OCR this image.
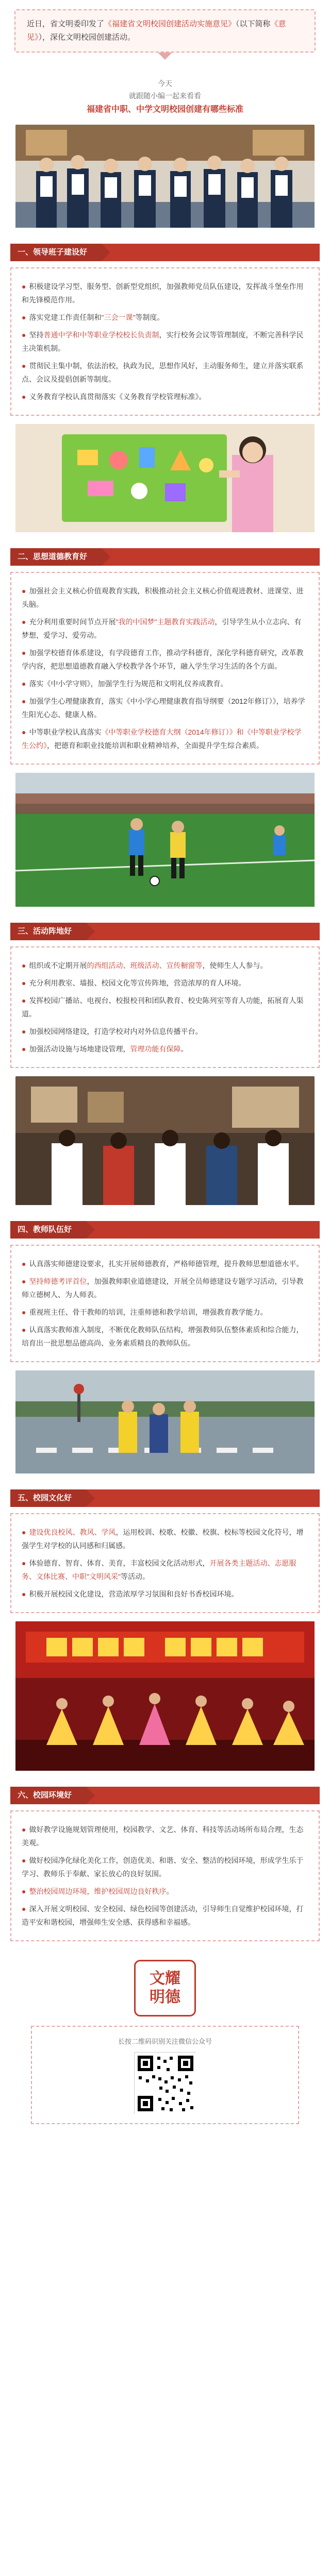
近日，省文明委印发了《福建省文明校园创建活动实施意见》（以下简称《意见》），深化文明校园创建活动。
今天
就跟随小编一起来看看
福建省中职、中学文明校园创建有哪些标准
一、领导班子建设好

● 积极建设学习型、服务型、创新型党组织，加强教师党员队伍建设，发挥战斗堡垒作用和先锋模范作用。

● 落实党建工作责任制和"三会一课"等制度。

● 坚持普通中学和中等职业学校校长负责制，实行校务会议等管理制度，不断完善科学民主决策机制。

● 贯彻民主集中制，依法治校，执政为民，思想作风好，主动服务师生，建立并落实联系点、会议及提倡创新等制度。

● 义务教育学校认真贯彻落实《义务教育学校管理标准》。

二、思想道德教育好

● 加强社会主义核心价值观教育实践，积极推动社会主义核心价值观进教材、进课堂、进头脑。

● 充分利用重要时间节点开展"我的中国梦"主题教育实践活动，引导学生从小立志向、有梦想，爱学习、爱劳动。

● 加强学校德育体系建设，有学段德育工作，推动学科德育，深化学科德育研究，改革教学内容，把思想道德教育融入学校教学各个环节，融入学生学习生活的各个方面。

● 落实《中小学守则》，加强学生行为规范和文明礼仪养成教育。

● 加强学生心理健康教育，落实《中小学心理健康教育指导纲要（2012年修订）》，培养学生阳光心态、健康人格。

● 中等职业学校认真落实《中等职业学校德育大纲（2014年修订）》和《中等职业学校学生公约》，把德育和职业技能培训和职业精神培养，全面提升学生综合素质。

三、活动阵地好

● 组织或不定期开展的西组活动、班级活动、宣传橱窗等，使师生人人参与。

● 充分利用教室、墙报、校园文化等宣传阵地，营造浓厚的育人环境。

● 发挥校园广播站、电视台、校报校刊和团队教育、校史陈列室等育人功能，拓展育人渠道。

● 加强校园网络建设，打造学校对内对外信息传播平台。

● 加强活动设施与场地建设管理，管理功能有保障。

四、教师队伍好

● 认真落实师德建设要求，扎实开展师德教育，严格师德管理，提升教师思想道德水平。

● 坚持师德考评首位，加强教师职业道德建设，开展全员师德建设专题学习活动，引导教师立德树人、为人师表。

● 重视班主任、骨干教师的培训，注重师德和教学培训，增强教育教学能力。

● 认真落实教师准入制度，不断优化教师队伍结构，增强教师队伍整体素质和综合能力，培育出一批思想品德高尚、业务素质精良的教师队伍。

五、校园文化好

● 建设优良校风、教风、学风，运用校训、校歌、校徽、校旗、校标等校园文化符号，增强学生对学校的认同感和归属感。

● 体验德育、智育、体育、美育，丰富校园文化活动形式，开展各类主题活动、志愿服务、文体比赛、中职"文明风采"等活动。

● 积极开展校园文化建设，营造浓厚学习氛围和良好书香校园环境。

六、校园环境好

● 做好教学设施规划管理使用，校园教学、文艺、体育、科技等活动场所布局合理，生态美观。

● 做好校园净化绿化美化工作，创造优美、和谐、安全、整洁的校园环境，形成学生乐于学习、教师乐于奉献、家长放心的良好氛围。

● 整治校园周边环境，维护校园周边良好秩序。

● 深入开展文明校园、安全校园、绿色校园等创建活动，引导师生自觉维护校园环境，打造平安和谐校园，增强师生安全感、获得感和幸福感。

文耀
明德
长按二维码识别关注微信公众号
